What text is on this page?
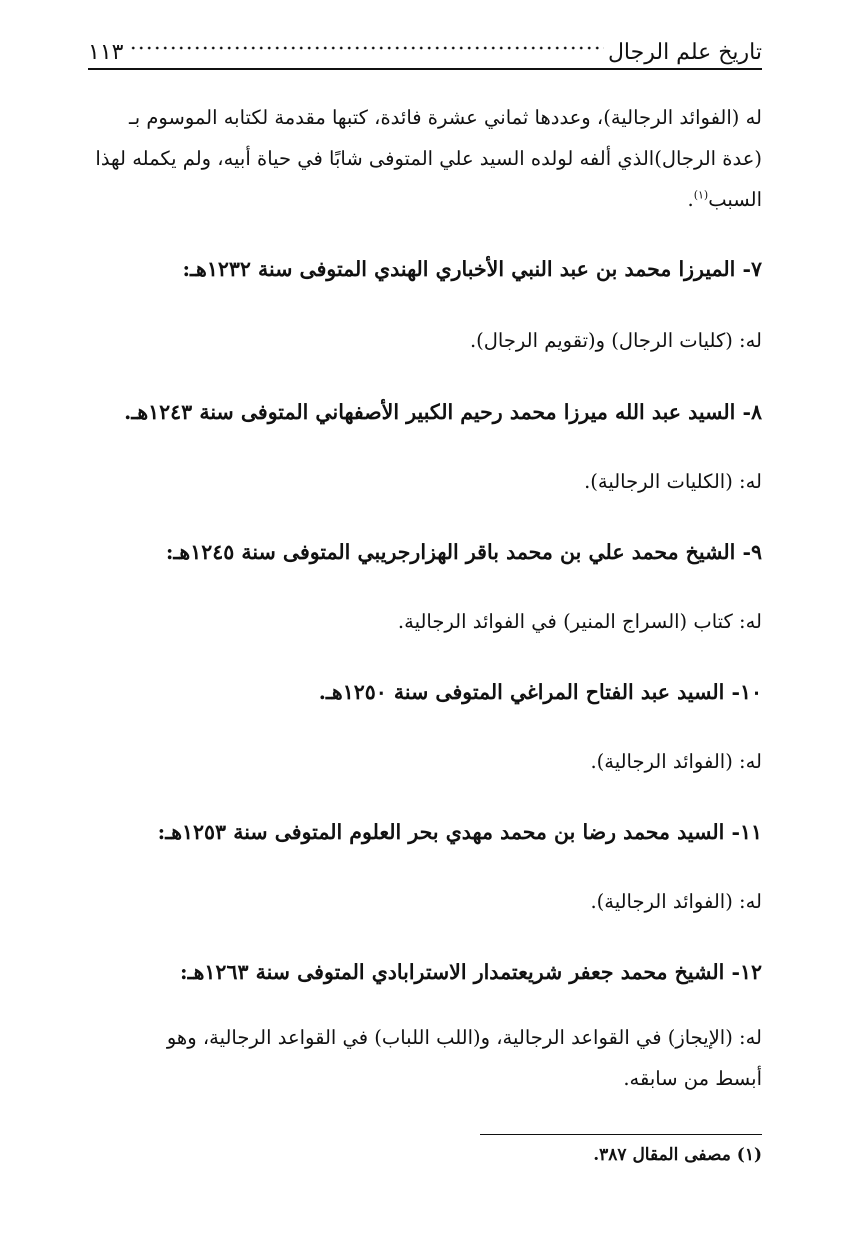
تاريخ علم الرجال
١١٣

له (الفوائد الرجالية)، وعددها ثماني عشرة فائدة، كتبها مقدمة لكتابه الموسوم بـ
(عدة الرجال)الذي ألفه لولده السيد علي المتوفى شابًا في حياة أبيه، ولم يكمله لهذا
السبب$^{(١)}$.

٧- الميرزا محمد بن عبد النبي الأخباري الهندي المتوفى سنة ١٢٣٢هـ:

له: (كليات الرجال) و(تقويم الرجال).

٨- السيد عبد الله ميرزا محمد رحيم الكبير الأصفهاني المتوفى سنة ١٢٤٣هـ.

له: (الكليات الرجالية).

٩- الشيخ محمد علي بن محمد باقر الهزارجريبي المتوفى سنة ١٢٤٥هـ:

له: كتاب (السراج المنير) في الفوائد الرجالية.

١٠- السيد عبد الفتاح المراغي المتوفى سنة ١٢٥٠هـ.

له: (الفوائد الرجالية).

١١- السيد محمد رضا بن محمد مهدي بحر العلوم المتوفى سنة ١٢٥٣هـ:

له: (الفوائد الرجالية).

١٢- الشيخ محمد جعفر شريعتمدار الاسترابادي المتوفى سنة ١٢٦٣هـ:

له: (الإيجاز) في القواعد الرجالية، و(اللب اللباب) في القواعد الرجالية، وهو
أبسط من سابقه.

(١) مصفى المقال ٣٨٧.
